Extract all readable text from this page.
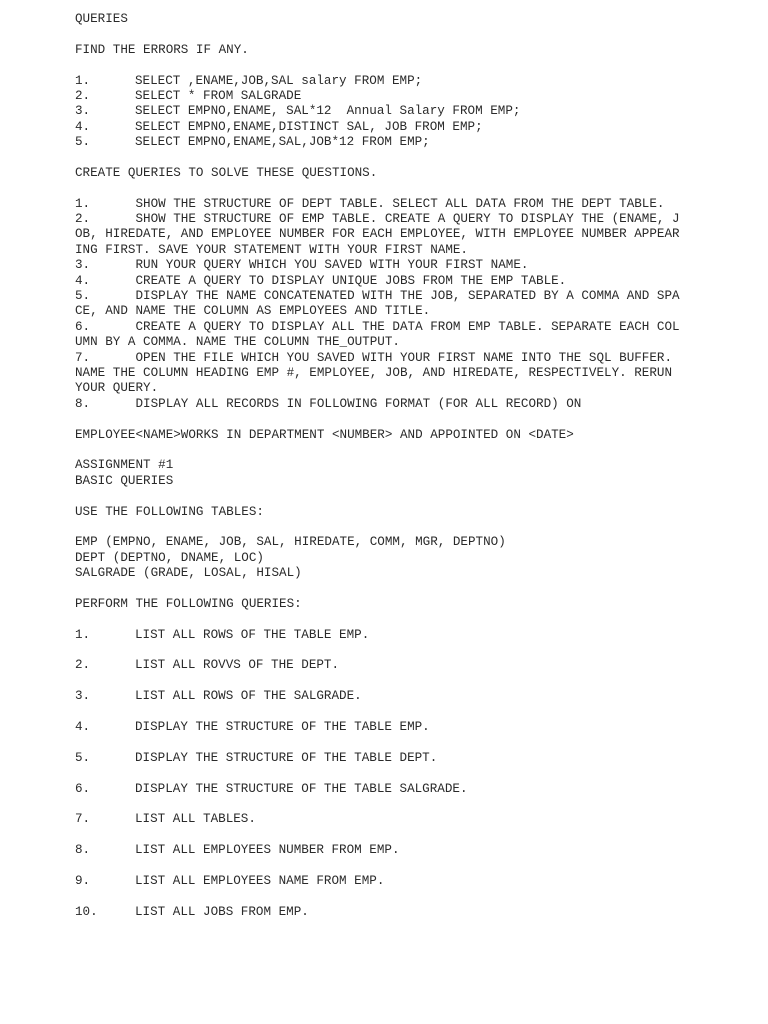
QUERIES
FIND THE ERRORS IF ANY.
1.	SELECT ,ENAME,JOB,SAL salary FROM EMP;
2.	SELECT * FROM SALGRADE
3.	SELECT EMPNO,ENAME, SAL*12  Annual Salary FROM EMP;
4.	SELECT EMPNO,ENAME,DISTINCT SAL, JOB FROM EMP;
5.	SELECT EMPNO,ENAME,SAL,JOB*12 FROM EMP;
CREATE QUERIES TO SOLVE THESE QUESTIONS.
1.      SHOW THE STRUCTURE OF DEPT TABLE. SELECT ALL DATA FROM THE DEPT TABLE.
2.      SHOW THE STRUCTURE OF EMP TABLE. CREATE A QUERY TO DISPLAY THE (ENAME, J
OB, HIREDATE, AND EMPLOYEE NUMBER FOR EACH EMPLOYEE, WITH EMPLOYEE NUMBER APPEAR
ING FIRST. SAVE YOUR STATEMENT WITH YOUR FIRST NAME.
3.      RUN YOUR QUERY WHICH YOU SAVED WITH YOUR FIRST NAME.
4.      CREATE A QUERY TO DISPLAY UNIQUE JOBS FROM THE EMP TABLE.
5.      DISPLAY THE NAME CONCATENATED WITH THE JOB, SEPARATED BY A COMMA AND SPA
CE, AND NAME THE COLUMN AS EMPLOYEES AND TITLE.
6.      CREATE A QUERY TO DISPLAY ALL THE DATA FROM EMP TABLE. SEPARATE EACH COL
UMN BY A COMMA. NAME THE COLUMN THE_OUTPUT.
7.      OPEN THE FILE WHICH YOU SAVED WITH YOUR FIRST NAME INTO THE SQL BUFFER.
NAME THE COLUMN HEADING EMP #, EMPLOYEE, JOB, AND HIREDATE, RESPECTIVELY. RERUN
YOUR QUERY.
8.      DISPLAY ALL RECORDS IN FOLLOWING FORMAT (FOR ALL RECORD) ON
EMPLOYEE<NAME>WORKS IN DEPARTMENT <NUMBER> AND APPOINTED ON <DATE>
ASSIGNMENT #1
BASIC QUERIES
USE THE FOLLOWING TABLES:
EMP (EMPNO, ENAME, JOB, SAL, HIREDATE, COMM, MGR, DEPTNO)
DEPT (DEPTNO, DNAME, LOC)
SALGRADE (GRADE, LOSAL, HISAL)
PERFORM THE FOLLOWING QUERIES:
1.	LIST ALL ROWS OF THE TABLE EMP.
2.	LIST ALL ROVVS OF THE DEPT.
3.	LIST ALL ROWS OF THE SALGRADE.
4.	DISPLAY THE STRUCTURE OF THE TABLE EMP.
5.	DISPLAY THE STRUCTURE OF THE TABLE DEPT.
6.	DISPLAY THE STRUCTURE OF THE TABLE SALGRADE.
7.	LIST ALL TABLES.
8.	LIST ALL EMPLOYEES NUMBER FROM EMP.
9.	LIST ALL EMPLOYEES NAME FROM EMP.
10.	LIST ALL JOBS FROM EMP.
